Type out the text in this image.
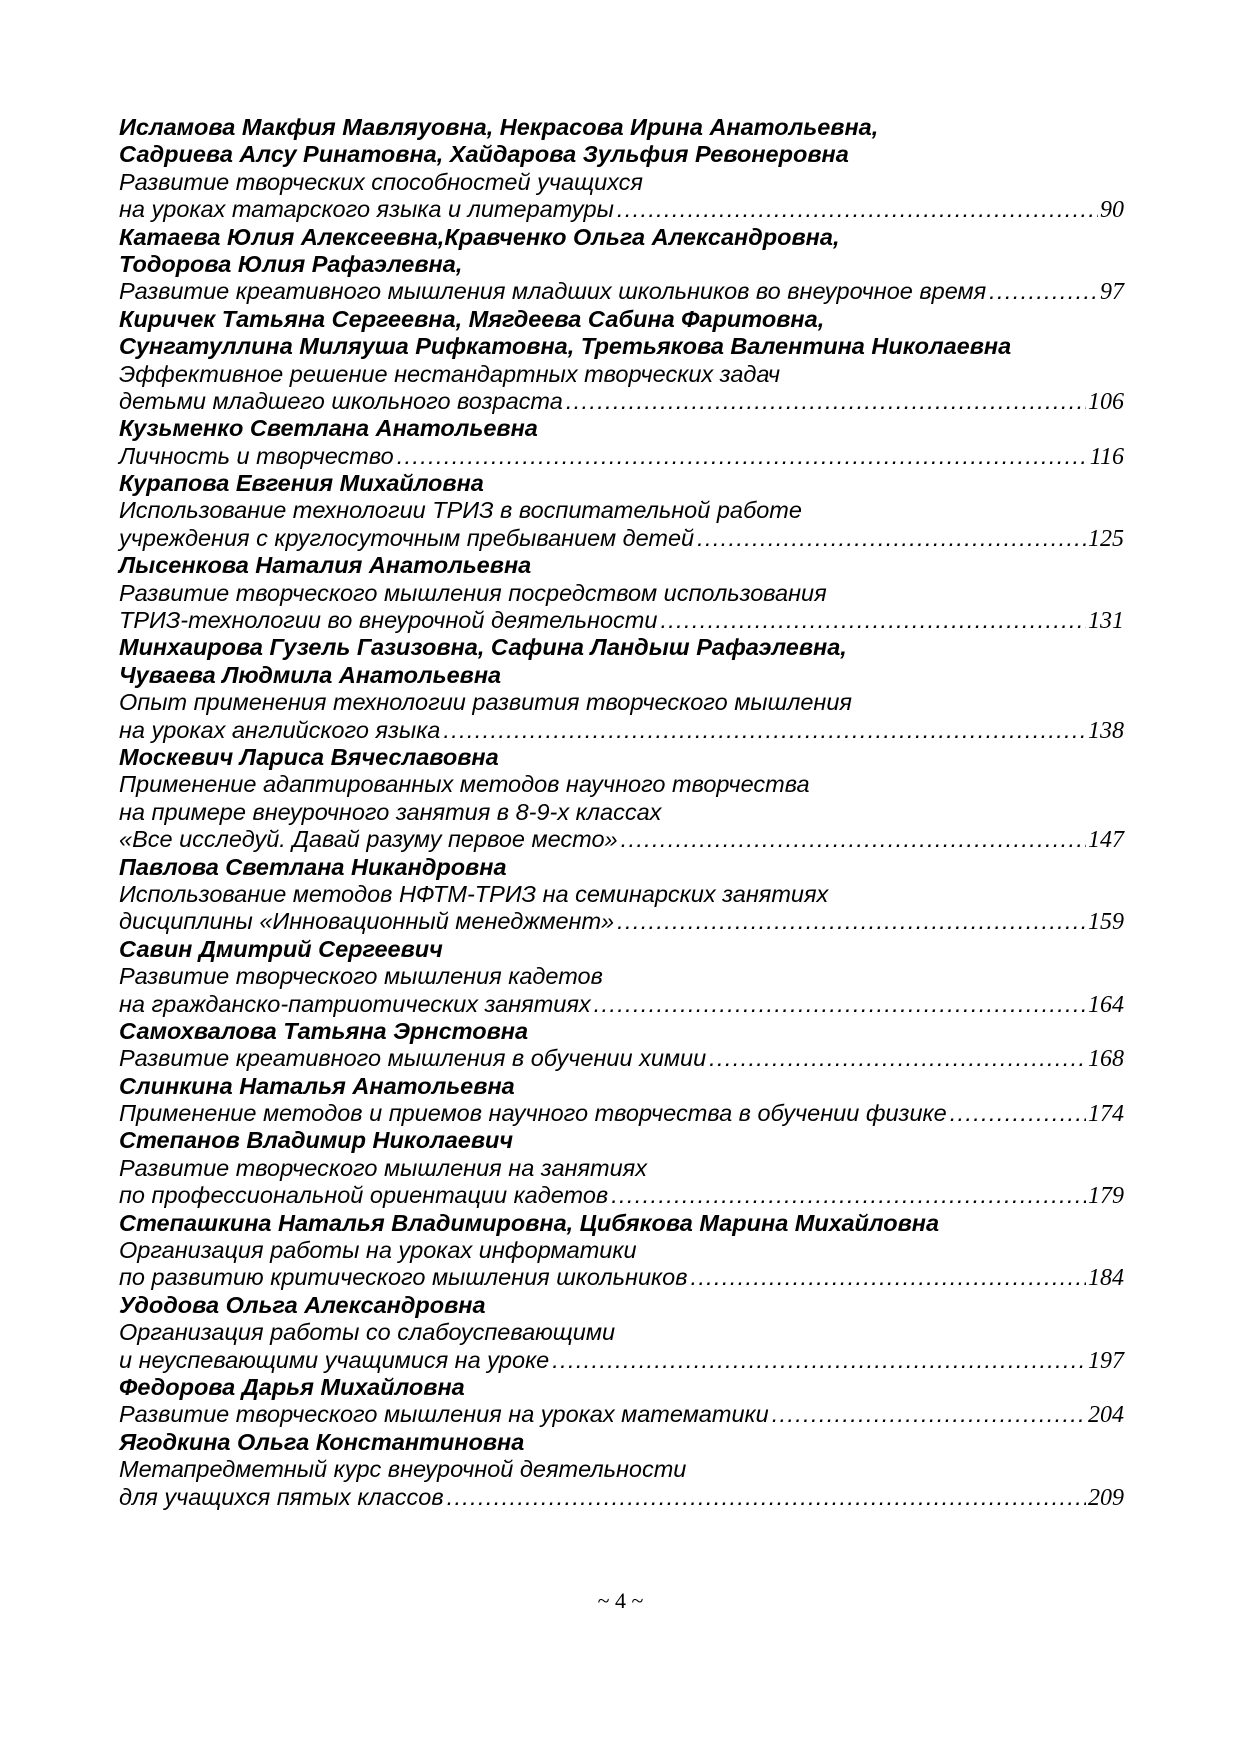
Исламова Макфия Мавляуовна, Некрасова Ирина Анатольевна,
Садриева Алсу Ринатовна, Хайдарова Зульфия Ревонеровна
Развитие творческих способностей учащихся
на уроках татарского языка и литературы . . .	90
Катаева Юлия Алексеевна,Кравченко Ольга Александровна,
Тодорова Юлия Рафаэлевна,
Развитие креативного мышления младших школьников во внеурочное время . . .	97
Киричек Татьяна Сергеевна, Мягдеева Сабина Фаритовна,
Сунгатуллина Миляуша Рифкатовна, Третьякова Валентина Николаевна
Эффективное решение нестандартных творческих задач
детьми младшего школьного возраста . . .	106
Кузьменко Светлана Анатольевна
Личность и творчество . . .	116
Курапова Евгения Михайловна
Использование технологии ТРИЗ в воспитательной работе
учреждения с круглосуточным пребыванием детей . . .	125
Лысенкова Наталия Анатольевна
Развитие творческого мышления посредством использования
ТРИЗ-технологии во внеурочной деятельности . . .	131
Минхаирова Гузель Газизовна, Сафина Ландыш Рафаэлевна,
Чуваева Людмила Анатольевна
Опыт применения технологии развития творческого мышления
на уроках английского языка . . .	138
Москевич Лариса Вячеславовна
Применение адаптированных методов научного творчества
на примере внеурочного занятия в 8-9-х классах
«Все исследуй. Давай разуму первое место» . . .	147
Павлова Светлана Никандровна
Использование методов НФТМ-ТРИЗ на семинарских занятиях
дисциплины «Инновационный менеджмент» . . .	159
Савин Дмитрий Сергеевич
Развитие творческого мышления кадетов
на гражданско-патриотических занятиях . . .	164
Самохвалова Татьяна Эрнстовна
Развитие креативного мышления в обучении химии . . .	168
Слинкина Наталья Анатольевна
Применение методов и приемов научного творчества в обучении физике . . .	174
Степанов Владимир Николаевич
Развитие творческого мышления на занятиях
по профессиональной ориентации кадетов . . .	179
Степашкина Наталья Владимировна, Цибякова Марина Михайловна
Организация работы на уроках информатики
по развитию критического мышления школьников . . .	184
Удодова Ольга Александровна
Организация работы со слабоуспевающими
и неуспевающими учащимися на уроке . . .	197
Федорова Дарья Михайловна
Развитие творческого мышления на уроках математики . . .	204
Ягодкина Ольга Константиновна
Метапредметный курс внеурочной деятельности
для учащихся пятых классов . . .	209
~ 4 ~
